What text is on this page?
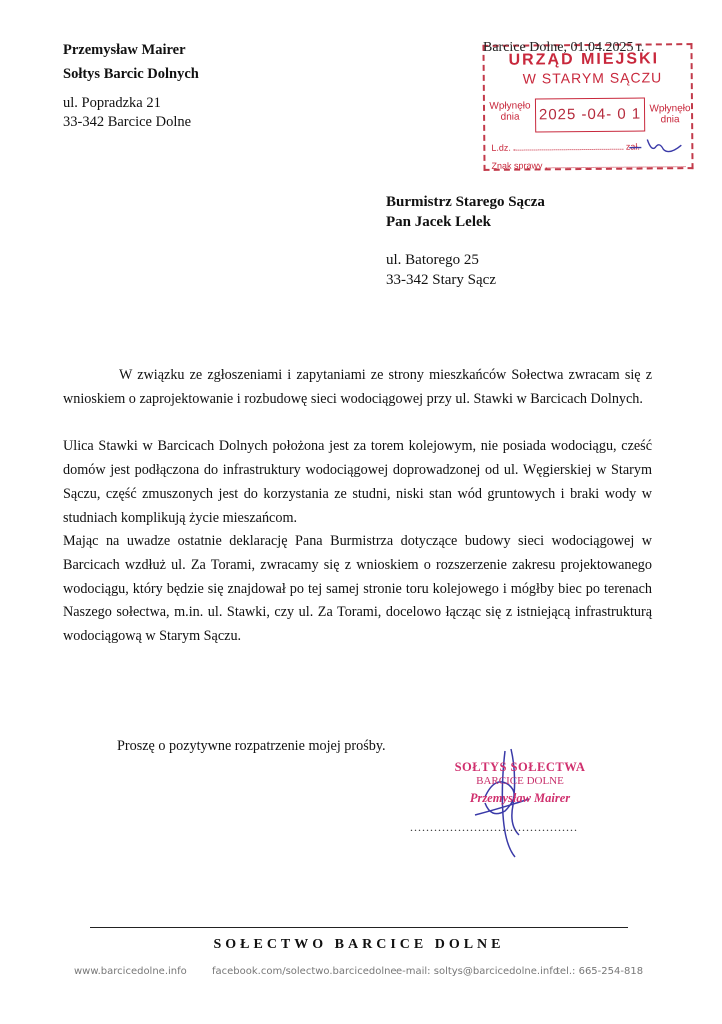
Przemysław Mairer
Sołtys Barcic Dolnych
ul. Popradzka 21
33-342 Barcice Dolne
URZĄD MIEJSKI
W STARYM SĄCZU
Wpłynęło dnia	2025 -04- 0 1 Wpłynęło dnia
L.dz.	zał.
Znak sprawy
Barcice Dolne, 01.04.2025 r.
Burmistrz Starego Sącza
Pan Jacek Lelek
ul. Batorego 25
33-342 Stary Sącz

W związku ze zgłoszeniami i zapytaniami ze strony mieszkańców Sołectwa zwracam się z wnioskiem o zaprojektowanie i rozbudowę sieci wodociągowej przy ul. Stawki w Barcicach Dolnych.

Ulica Stawki w Barcicach Dolnych położona jest za torem kolejowym, nie posiada wodociągu, cześć domów jest podłączona do infrastruktury wodociągowej doprowadzonej od ul. Węgierskiej w Starym Sączu, część zmuszonych jest do korzystania ze studni, niski stan wód gruntowych i braki wody w studniach komplikują życie mieszańcom.

Mając na uwadze ostatnie deklarację Pana Burmistrza dotyczące budowy sieci wodociągowej w Barcicach wzdłuż ul. Za Torami, zwracamy się z wnioskiem o rozszerzenie zakresu projektowanego wodociągu, który będzie się znajdował po tej samej stronie toru kolejowego i mógłby biec po terenach Naszego sołectwa, m.in. ul. Stawki, czy ul. Za Torami, docelowo łącząc się z istniejącą infrastrukturą wodociągową w Starym Sączu.

Proszę o pozytywne rozpatrzenie mojej prośby.
SOŁTYS SOŁECTWA
BARCICE DOLNE
Przemysław Mairer
..........................................
SOŁECTWO BARCICE DOLNE
www.barcicedolne.info	facebook.com/solectwo.barcicedolne e-mail: soltys@barcicedolne.info
tel.: 665-254-818
